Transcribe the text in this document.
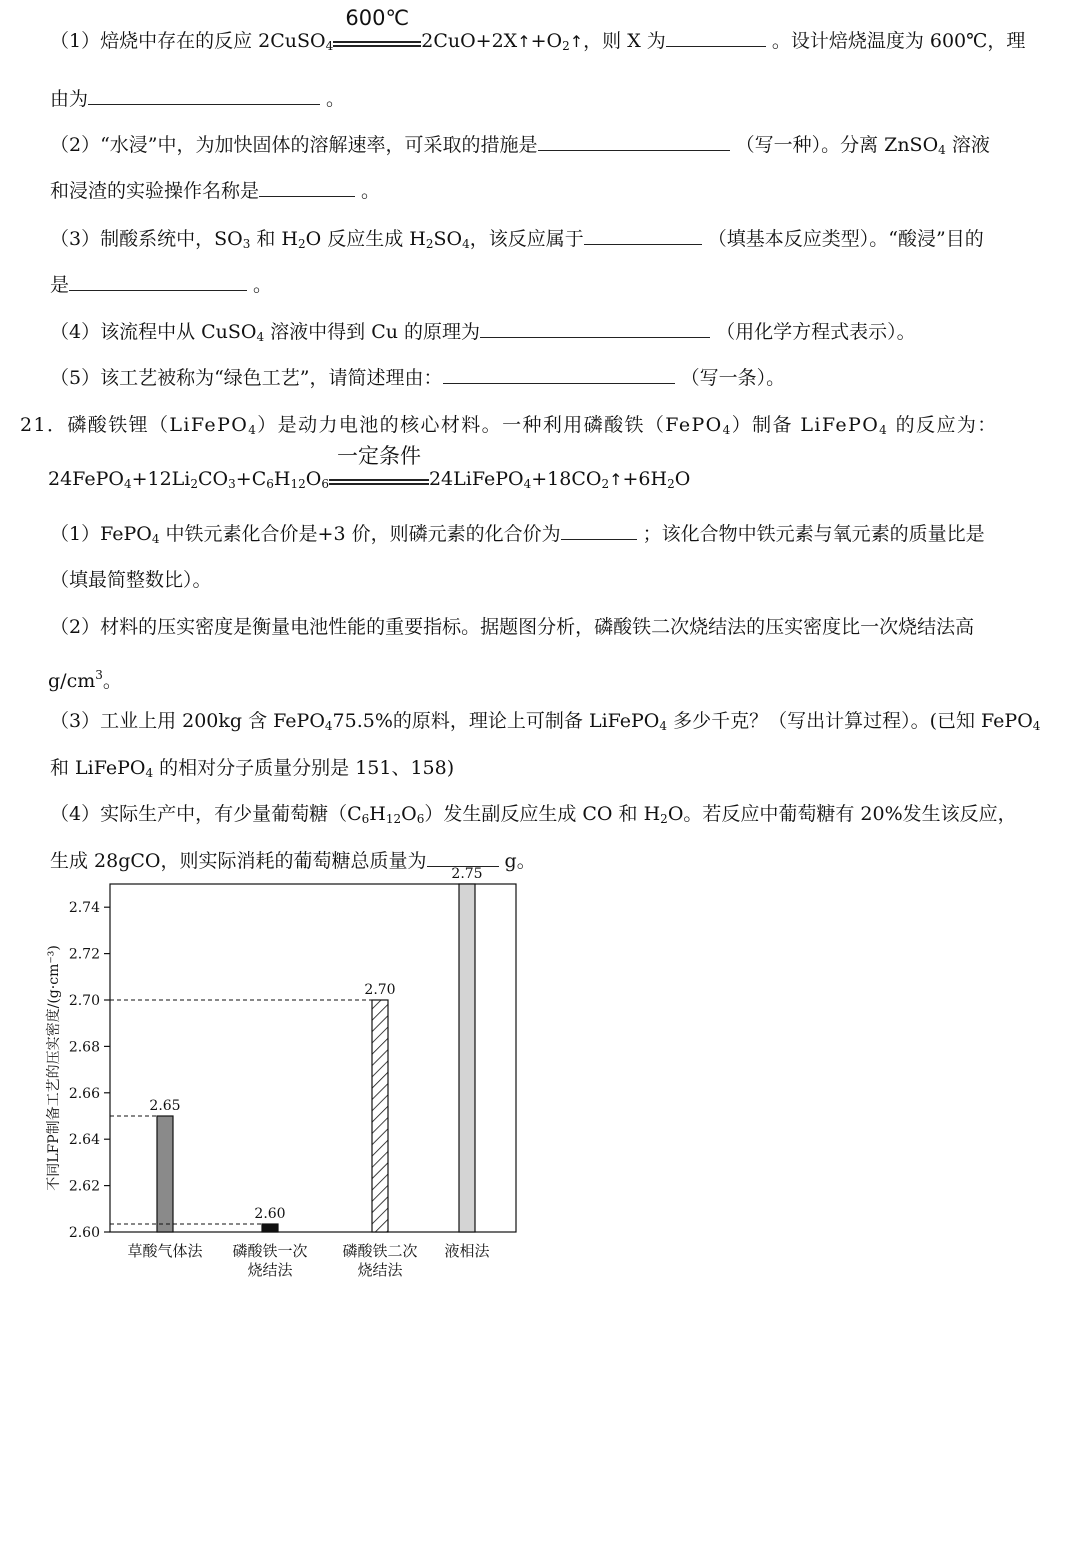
（1）焙烧中存在的反应 2CuSO$_4$
600℃
$2CuO+2X↑+O_2↑$，则 X 为	。设计焙烧温度为 600℃，理
由为	。
（2）“水浸”中，为加快固体的溶解速率，可采取的措施是	（写一种）。分离 ZnSO$_4$ 溶液
和浸渣的实验操作名称是	。
（3）制酸系统中，$SO_3$ 和 $H_2O$ 反应生成 $H_2SO_4$，该反应属于	（填基本反应类型）。“酸浸”目的
是	。
（4）该流程中从 CuSO$_4$ 溶液中得到 Cu 的原理为	（用化学方程式表示）。
（5）该工艺被称为“绿色工艺”，请简述理由：	（写一条）。
21．磷酸铁锂（LiFePO$_4$）是动力电池的核心材料。一种利用磷酸铁（FePO$_4$）制备 LiFePO$_4$ 的反应为：
$24FePO_4+12Li_2CO_3+C_6H_{12}O_6$
一定条件
$24LiFePO_4+18CO_2↑+6H_2O$
（1）FePO$_4$ 中铁元素化合价是+3 价，则磷元素的化合价为	；该化合物中铁元素与氧元素的质量比是
（填最简整数比）。
（2）材料的压实密度是衡量电池性能的重要指标。据题图分析，磷酸铁二次烧结法的压实密度比一次烧结法高
$g/cm^3$。
（3）工业上用 200kg 含 FePO$_4$75.5%的原料，理论上可制备 LiFePO$_4$ 多少千克？（写出计算过程）。(已知 FePO$_4$
和 LiFePO$_4$ 的相对分子质量分别是 151、158)
（4）实际生产中，有少量葡萄糖$(C_6H_{12}O_6)$发生副反应生成 CO 和 $H_2O$。若反应中葡萄糖有 20%发生该反应，
生成 28gCO，则实际消耗的葡萄糖总质量为	g。
2.60
2.62
2.64
2.66
2.68
2.70
2.72
2.74
不同LFP制备工艺的压实密度/(g·cm⁻³)	2.65
草酸气体法
2.60
磷酸铁一次
烧结法
2.70
磷酸铁二次
烧结法
2.75
液相法
